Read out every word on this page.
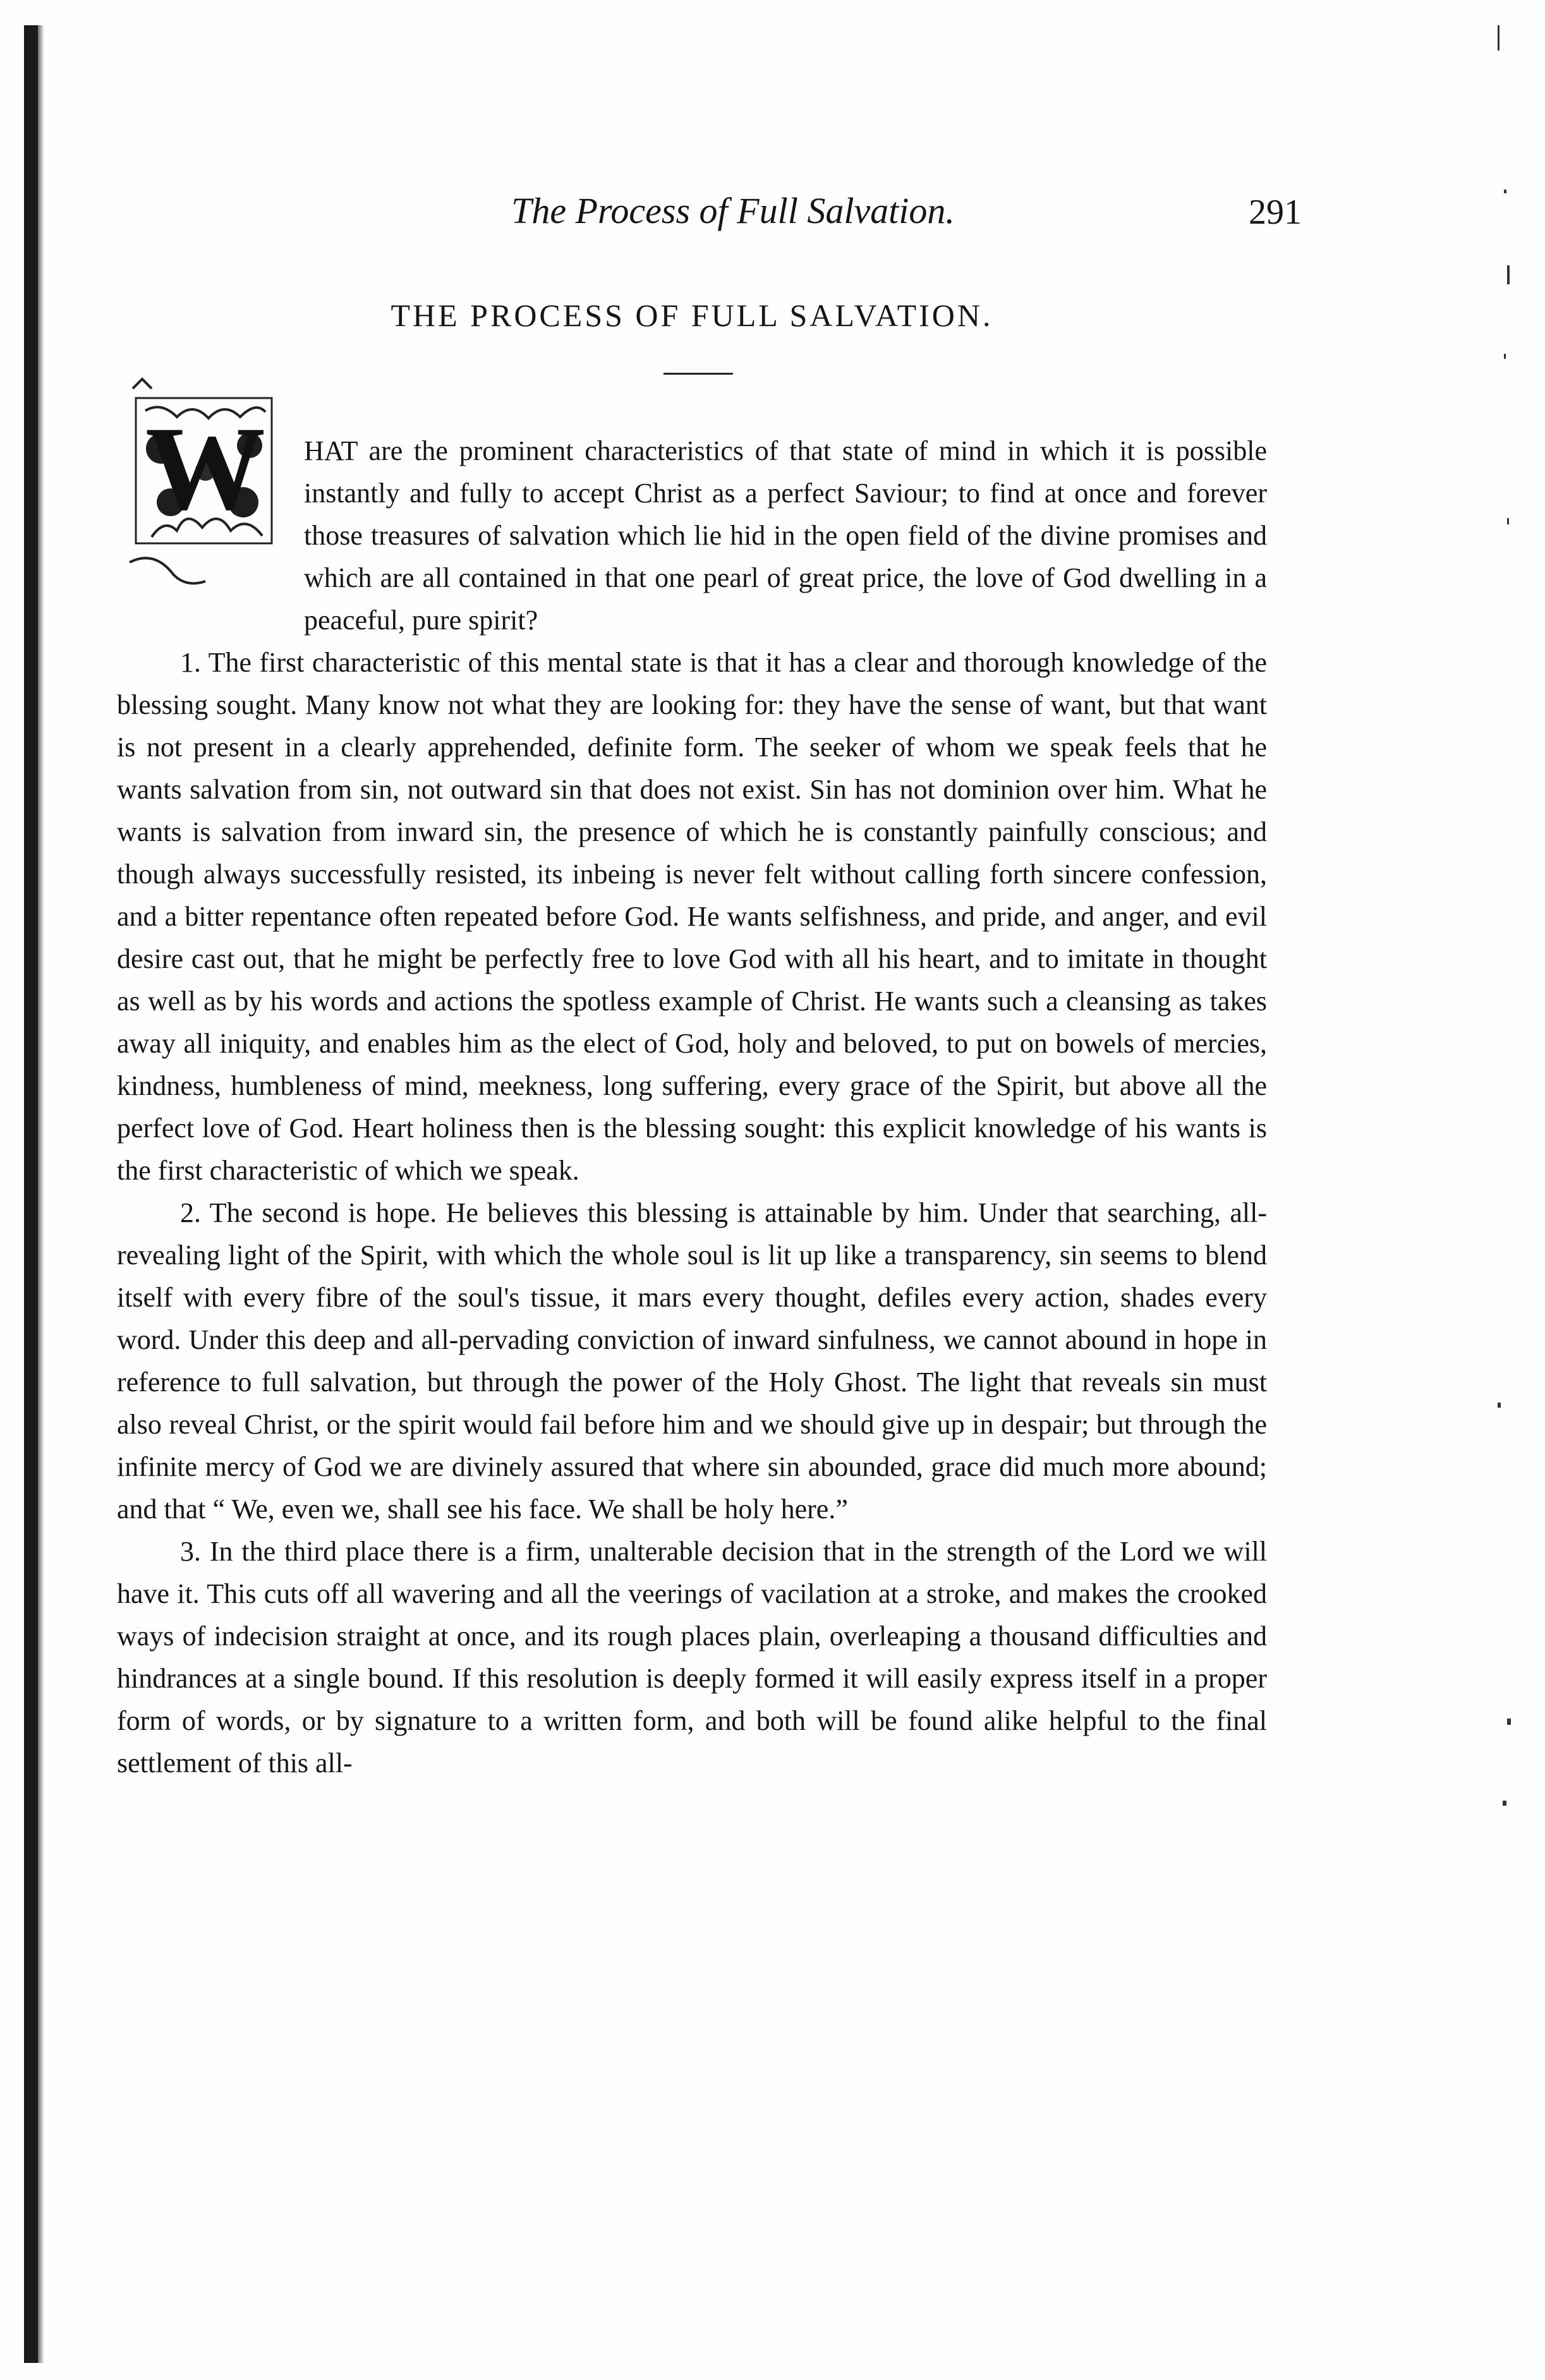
The Process of Full Salvation.	291
THE PROCESS OF FULL SALVATION.

W HAT are the prominent characteristics of that state of mind in which it is possible instantly and fully to accept Christ as a perfect Saviour; to find at once and forever those treasures of salvation which lie hid in the open field of the divine promises and which are all contained in that one pearl of great price, the love of God dwelling in a peaceful, pure spirit?

1. The first characteristic of this mental state is that it has a clear and thorough knowledge of the blessing sought. Many know not what they are looking for: they have the sense of want, but that want is not present in a clearly apprehended, definite form. The seeker of whom we speak feels that he wants salvation from sin, not outward sin that does not exist. Sin has not dominion over him. What he wants is salvation from inward sin, the presence of which he is constantly painfully conscious; and though always successfully resisted, its inbeing is never felt without calling forth sincere confession, and a bitter repentance often repeated before God. He wants selfishness, and pride, and anger, and evil desire cast out, that he might be perfectly free to love God with all his heart, and to imitate in thought as well as by his words and actions the spotless example of Christ. He wants such a cleansing as takes away all iniquity, and enables him as the elect of God, holy and beloved, to put on bowels of mercies, kindness, humbleness of mind, meekness, long suffering, every grace of the Spirit, but above all the perfect love of God. Heart holiness then is the blessing sought: this explicit knowledge of his wants is the first characteristic of which we speak.

2. The second is hope. He believes this blessing is attainable by him. Under that searching, all-revealing light of the Spirit, with which the whole soul is lit up like a transparency, sin seems to blend itself with every fibre of the soul's tissue, it mars every thought, defiles every action, shades every word. Under this deep and all-pervading conviction of inward sinfulness, we cannot abound in hope in reference to full salvation, but through the power of the Holy Ghost. The light that reveals sin must also reveal Christ, or the spirit would fail before him and we should give up in despair; but through the infinite mercy of God we are divinely assured that where sin abounded, grace did much more abound; and that “ We, even we, shall see his face. We shall be holy here.”

3. In the third place there is a firm, unalterable decision that in the strength of the Lord we will have it. This cuts off all wavering and all the veerings of vacilation at a stroke, and makes the crooked ways of indecision straight at once, and its rough places plain, overleaping a thousand difficulties and hindrances at a single bound. If this resolution is deeply formed it will easily express itself in a proper form of words, or by signature to a written form, and both will be found alike helpful to the final settlement of this all-
